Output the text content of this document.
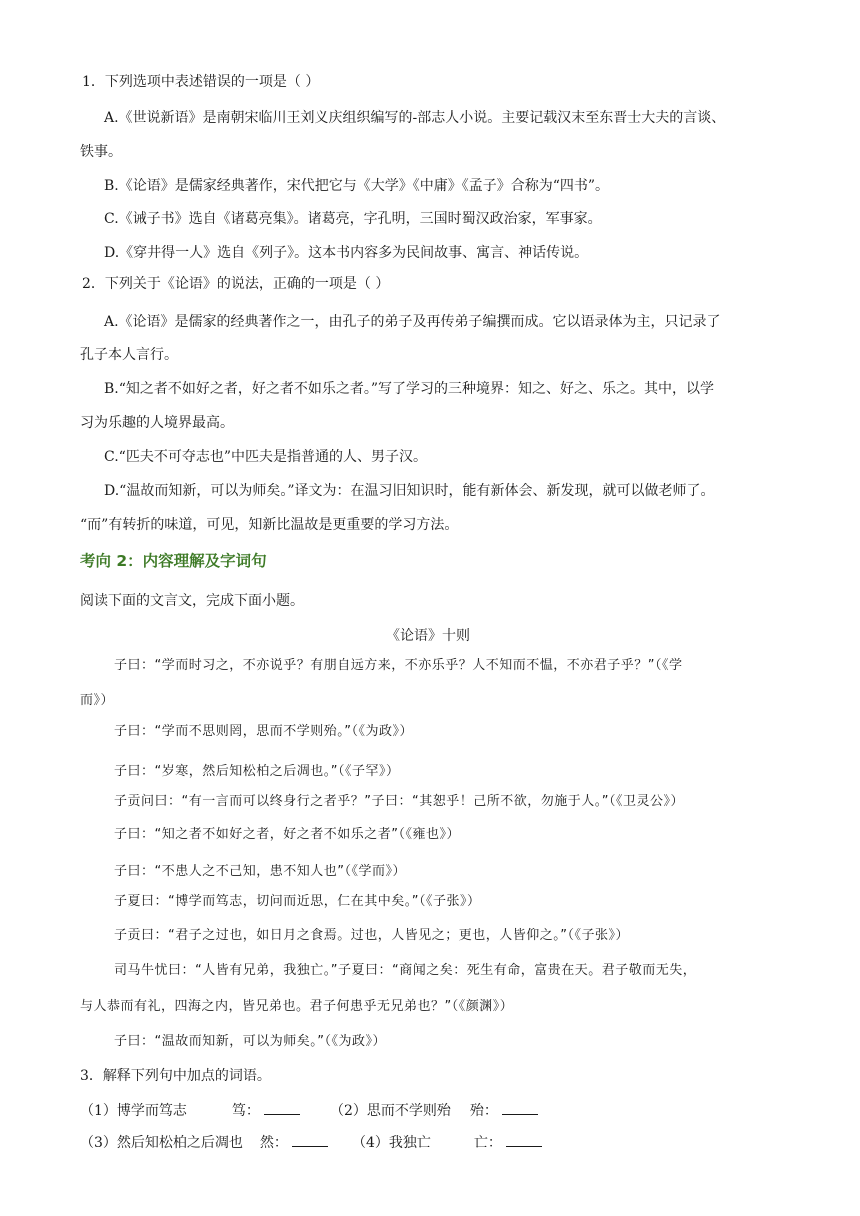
1．下列选项中表述错误的一项是（ ）
A.《世说新语》是南朝宋临川王刘义庆组织编写的-部志人小说。主要记载汉末至东晋士大夫的言谈、
铁事。
B.《论语》是儒家经典著作，宋代把它与《大学》《中庸》《孟子》合称为“四书”。
C.《诫子书》选自《诸葛亮集》。诸葛亮，字孔明，三国时蜀汉政治家，军事家。
D.《穿井得一人》选自《列子》。这本书内容多为民间故事、寓言、神话传说。
2．下列关于《论语》的说法，正确的一项是（ ）
A.《论语》是儒家的经典著作之一，由孔子的弟子及再传弟子编撰而成。它以语录体为主，只记录了
孔子本人言行。
B.“知之者不如好之者，好之者不如乐之者。”写了学习的三种境界：知之、好之、乐之。其中，以学
习为乐趣的人境界最高。
C.“匹夫不可夺志也”中匹夫是指普通的人、男子汉。
D.“温故而知新，可以为师矣。”译文为：在温习旧知识时，能有新体会、新发现，就可以做老师了。
“而”有转折的味道，可见，知新比温故是更重要的学习方法。
考向 2：内容理解及字词句
阅读下面的文言文，完成下面小题。
《论语》十则
子曰：“学而时习之，不亦说乎？有朋自远方来，不亦乐乎？人不知而不愠，不亦君子乎？”（《学
而》）
子曰：“学而不思则罔，思而不学则殆。”（《为政》）
子曰：“岁寒，然后知松柏之后凋也。”（《子罕》）
子贡问曰：“有一言而可以终身行之者乎？”子曰：“其恕乎！己所不欲，勿施于人。”（《卫灵公》）
子曰：“知之者不如好之者，好之者不如乐之者”（《雍也》）
子曰：“不患人之不己知，患不知人也”（《学而》）
子夏曰：“博学而笃志，切问而近思，仁在其中矣。”（《子张》）
子贡曰：“君子之过也，如日月之食焉。过也，人皆见之；更也，人皆仰之。”（《子张》）
司马牛忧曰：“人皆有兄弟，我独亡。”子夏曰：“商闻之矣：死生有命，富贵在天。君子敬而无失，
与人恭而有礼，四海之内，皆兄弟也。君子何患乎无兄弟也？”（《颜渊》）
子曰：“温故而知新，可以为师矣。”（《为政》）
3．解释下列句中加点的词语。
（1）博学而笃志	笃：	（2）思而不学则殆 殆：
（3）然后知松柏之后凋也 然：	（4）我独亡	亡：
